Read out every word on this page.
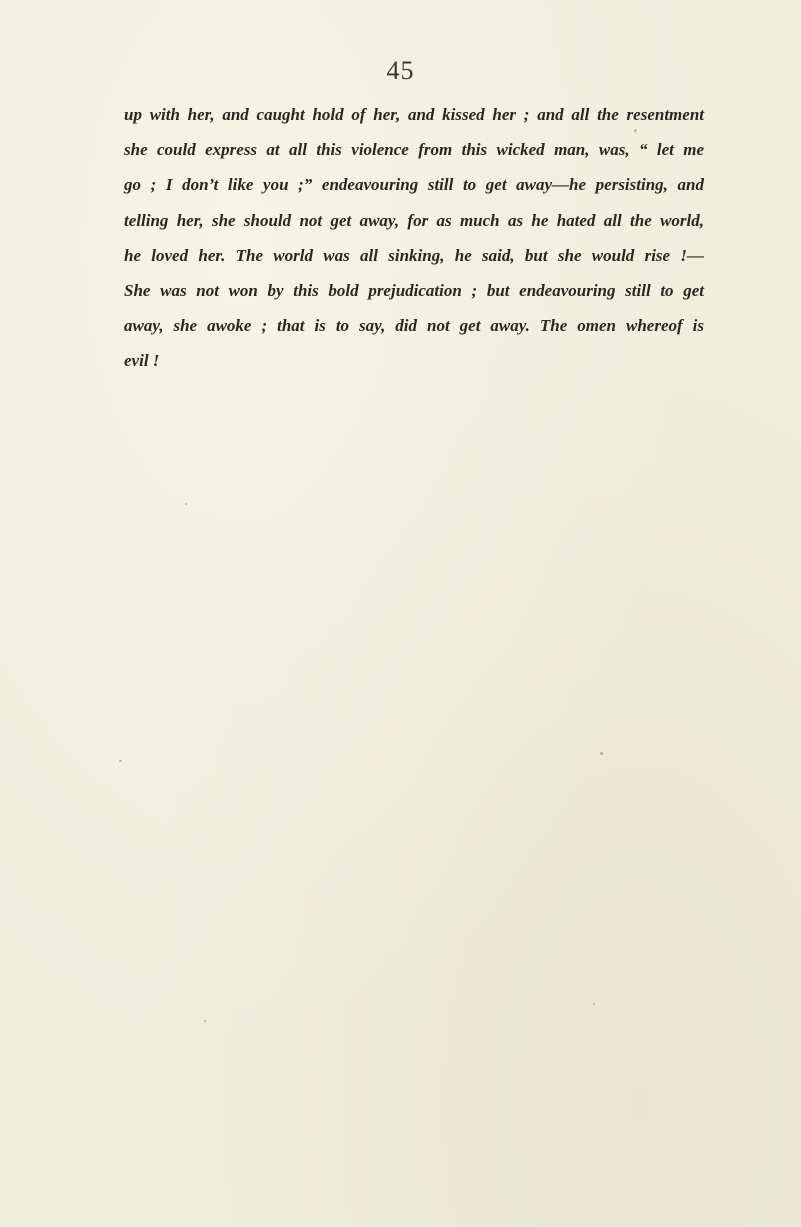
45
up with her, and caught hold of her, and kissed her ; and all the resentment
she could express at all this violence from this wicked man, was, “ let me
go ; I don’t like you ;” endeavouring still to get away—he persisting, and
telling her, she should not get away, for as much as he hated all the world,
he loved her. The world was all sinking, he said, but she would rise !—
She was not won by this bold prejudication ; but endeavouring still to get
away, she awoke ; that is to say, did not get away. The omen whereof is
evil !
